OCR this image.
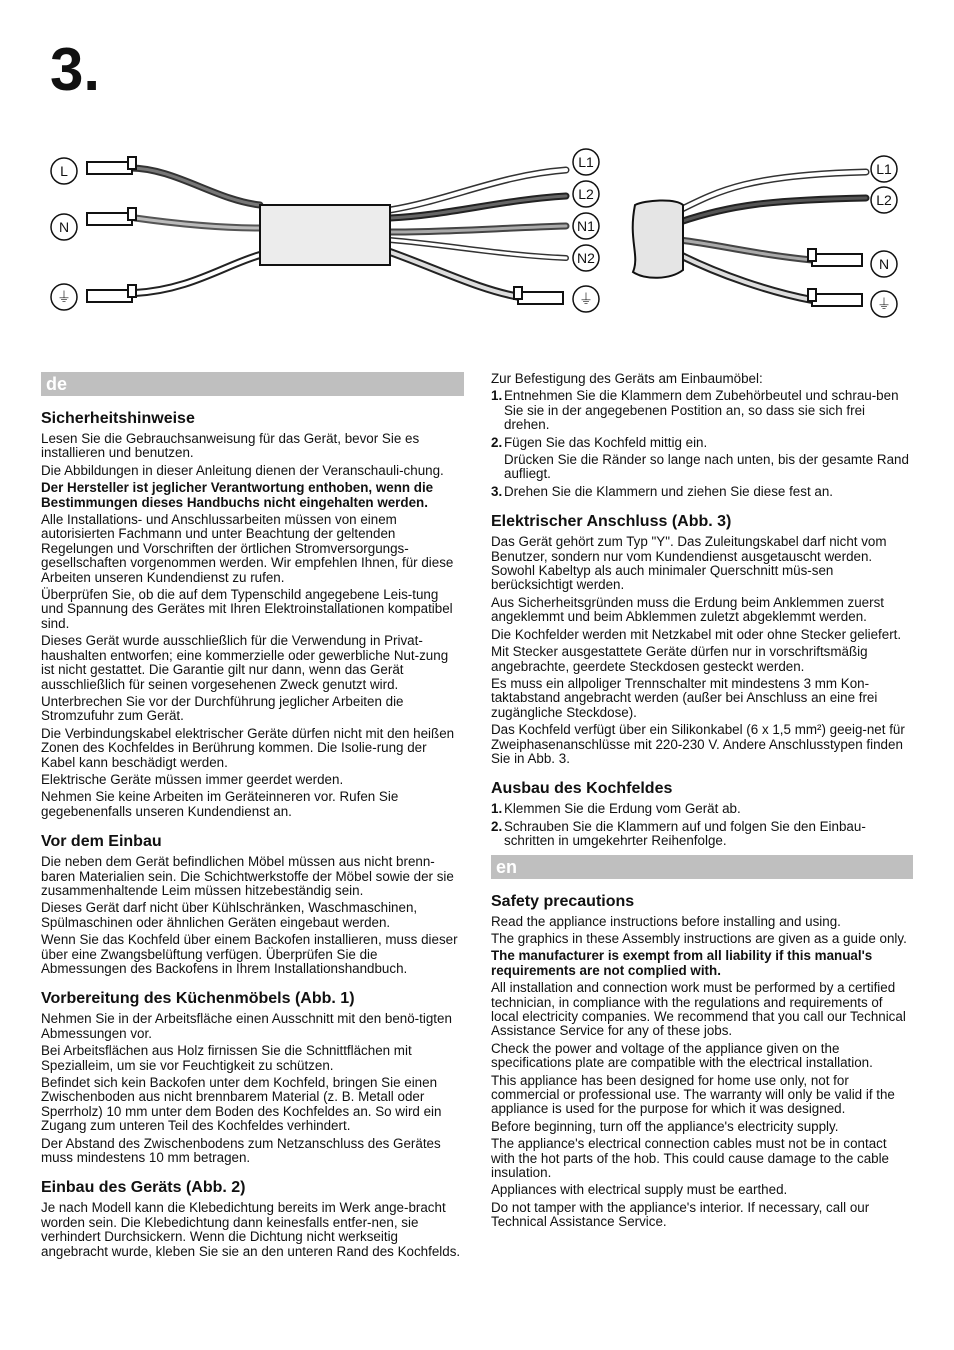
3.
L
N
⏚
L1
L2
N1
N2
⏚
L1
L2
N
⏚
de
Sicherheitshinweise

Lesen Sie die Gebrauchsanweisung für das Gerät, bevor Sie es installieren und benutzen.

Die Abbildungen in dieser Anleitung dienen der Veranschauli-chung.

Der Hersteller ist jeglicher Verantwortung enthoben, wenn die Bestimmungen dieses Handbuchs nicht eingehalten werden.

Alle Installations- und Anschlussarbeiten müssen von einem autorisierten Fachmann und unter Beachtung der geltenden Regelungen und Vorschriften der örtlichen Stromversorgungs-gesellschaften vorgenommen werden. Wir empfehlen Ihnen, für diese Arbeiten unseren Kundendienst zu rufen.

Überprüfen Sie, ob die auf dem Typenschild angegebene Leis-tung und Spannung des Gerätes mit Ihren Elektroinstallationen kompatibel sind.

Dieses Gerät wurde ausschließlich für die Verwendung in Privat-haushalten entworfen; eine kommerzielle oder gewerbliche Nut-zung ist nicht gestattet. Die Garantie gilt nur dann, wenn das Gerät ausschließlich für seinen vorgesehenen Zweck genutzt wird.

Unterbrechen Sie vor der Durchführung jeglicher Arbeiten die Stromzufuhr zum Gerät.

Die Verbindungskabel elektrischer Geräte dürfen nicht mit den heißen Zonen des Kochfeldes in Berührung kommen. Die Isolie-rung der Kabel kann beschädigt werden.

Elektrische Geräte müssen immer geerdet werden.

Nehmen Sie keine Arbeiten im Geräteinneren vor. Rufen Sie gegebenenfalls unseren Kundendienst an.

Vor dem Einbau

Die neben dem Gerät befindlichen Möbel müssen aus nicht brenn-baren Materialien sein. Die Schichtwerkstoffe der Möbel sowie der sie zusammenhaltende Leim müssen hitzebeständig sein.

Dieses Gerät darf nicht über Kühlschränken, Waschmaschinen, Spülmaschinen oder ähnlichen Geräten eingebaut werden.

Wenn Sie das Kochfeld über einem Backofen installieren, muss dieser über eine Zwangsbelüftung verfügen. Überprüfen Sie die Abmessungen des Backofens in Ihrem Installationshandbuch.

Vorbereitung des Küchenmöbels (Abb. 1)

Nehmen Sie in der Arbeitsfläche einen Ausschnitt mit den benö-tigten Abmessungen vor.

Bei Arbeitsflächen aus Holz firnissen Sie die Schnittflächen mit Spezialleim, um sie vor Feuchtigkeit zu schützen.

Befindet sich kein Backofen unter dem Kochfeld, bringen Sie einen Zwischenboden aus nicht brennbarem Material (z. B. Metall oder Sperrholz) 10 mm unter dem Boden des Kochfeldes an. So wird ein Zugang zum unteren Teil des Kochfeldes verhindert.

Der Abstand des Zwischenbodens zum Netzanschluss des Gerätes muss mindestens 10 mm betragen.

Einbau des Geräts (Abb. 2)

Je nach Modell kann die Klebedichtung bereits im Werk ange-bracht worden sein. Die Klebedichtung dann keinesfalls entfer-nen, sie verhindert Durchsickern. Wenn die Dichtung nicht werkseitig angebracht wurde, kleben Sie sie an den unteren Rand des Kochfelds.

Zur Befestigung des Geräts am Einbaumöbel:

1. Entnehmen Sie die Klammern dem Zubehörbeutel und schrau-ben Sie sie in der angegebenen Postition an, so dass sie sich frei drehen.

2. Fügen Sie das Kochfeld mittig ein.

Drücken Sie die Ränder so lange nach unten, bis der gesamte Rand aufliegt.

3. Drehen Sie die Klammern und ziehen Sie diese fest an.

Elektrischer Anschluss (Abb. 3)

Das Gerät gehört zum Typ "Y". Das Zuleitungskabel darf nicht vom Benutzer, sondern nur vom Kundendienst ausgetauscht werden. Sowohl Kabeltyp als auch minimaler Querschnitt müs-sen berücksichtigt werden.

Aus Sicherheitsgründen muss die Erdung beim Anklemmen zuerst angeklemmt und beim Abklemmen zuletzt abgeklemmt werden.

Die Kochfelder werden mit Netzkabel mit oder ohne Stecker geliefert.

Mit Stecker ausgestattete Geräte dürfen nur in vorschriftsmäßig angebrachte, geerdete Steckdosen gesteckt werden.

Es muss ein allpoliger Trennschalter mit mindestens 3 mm Kon-taktabstand angebracht werden (außer bei Anschluss an eine frei zugängliche Steckdose).

Das Kochfeld verfügt über ein Silikonkabel (6 x 1,5 mm²) geeig-net für Zweiphasenanschlüsse mit 220-230 V. Andere Anschlusstypen finden Sie in Abb. 3.

Ausbau des Kochfeldes
1. Klemmen Sie die Erdung vom Gerät ab.

2. Schrauben Sie die Klammern auf und folgen Sie den Einbau-schritten in umgekehrter Reihenfolge.

en
Safety precautions

Read the appliance instructions before installing and using.

The graphics in these Assembly instructions are given as a guide only.

The manufacturer is exempt from all liability if this manual's requirements are not complied with.

All installation and connection work must be performed by a certified technician, in compliance with the regulations and requirements of local electricity companies. We recommend that you call our Technical Assistance Service for any of these jobs.

Check the power and voltage of the appliance given on the specifications plate are compatible with the electrical installation.

This appliance has been designed for home use only, not for commercial or professional use. The warranty will only be valid if the appliance is used for the purpose for which it was designed.

Before beginning, turn off the appliance's electricity supply.

The appliance's electrical connection cables must not be in contact with the hot parts of the hob. This could cause damage to the cable insulation.

Appliances with electrical supply must be earthed.

Do not tamper with the appliance's interior. If necessary, call our Technical Assistance Service.
